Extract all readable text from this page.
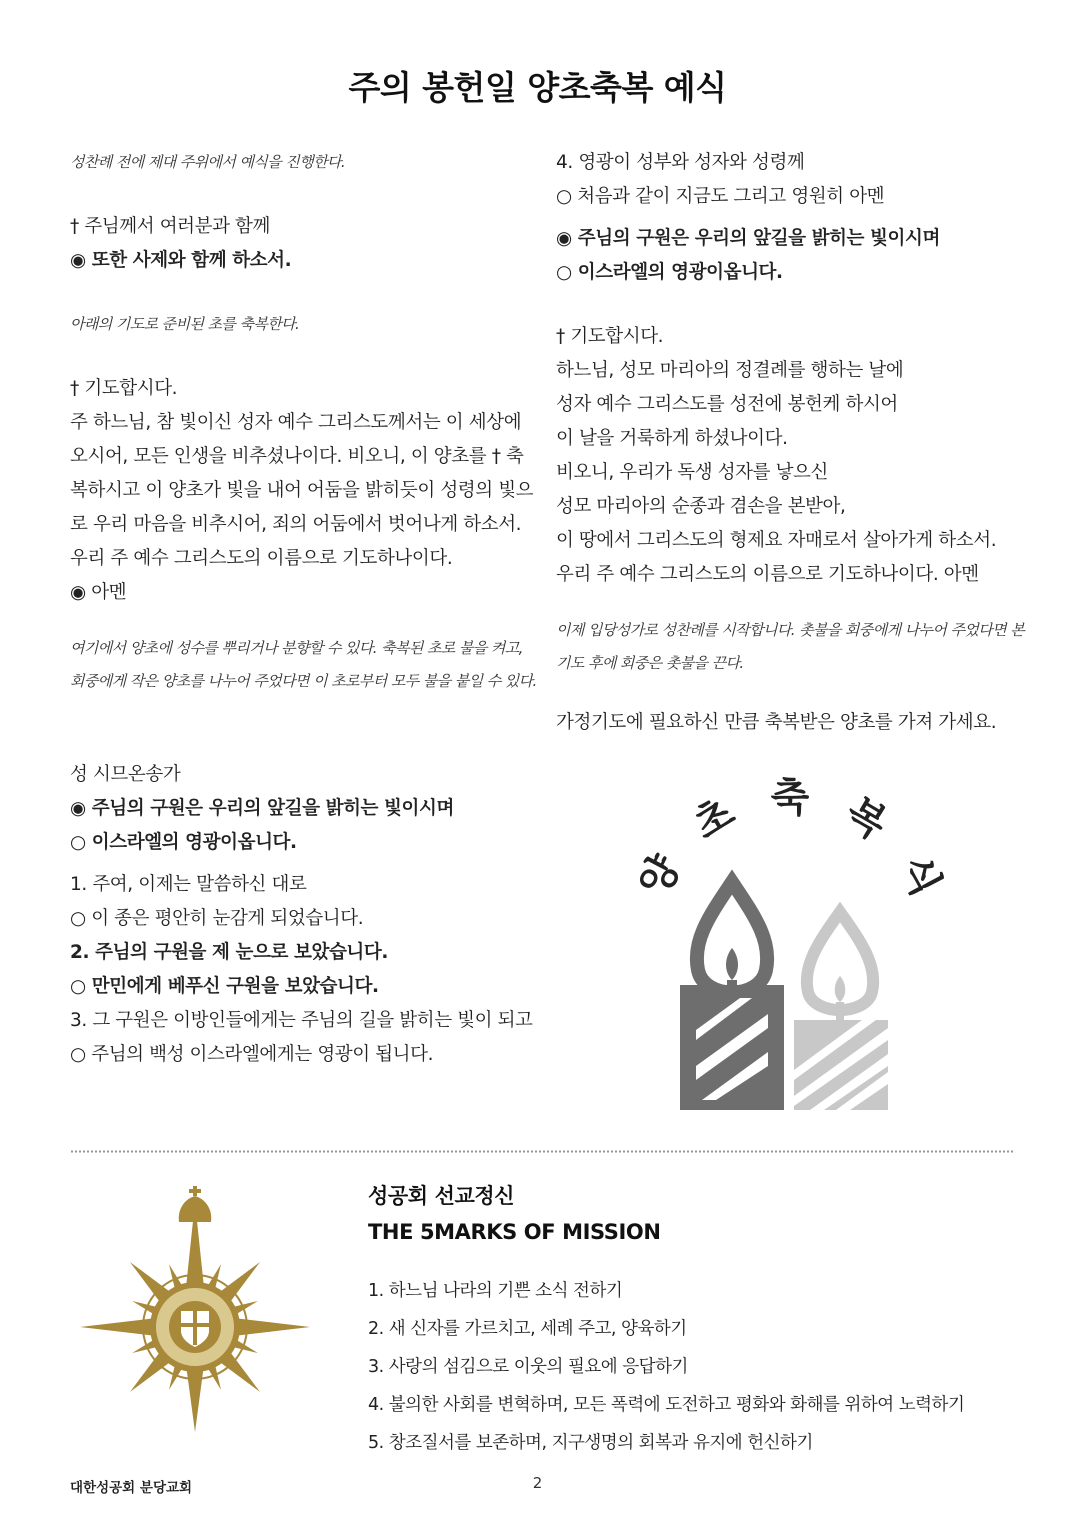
주의 봉헌일 양초축복 예식
성찬례 전에 제대 주위에서 예식을 진행한다.
† 주님께서 여러분과 함께
◉ 또한 사제와 함께 하소서.
아래의 기도로 준비된 초를 축복한다.
† 기도합시다.
주 하느님, 참 빛이신 성자 예수 그리스도께서는 이 세상에
오시어, 모든 인생을 비추셨나이다. 비오니, 이 양초를 † 축
복하시고 이 양초가 빛을 내어 어둠을 밝히듯이 성령의 빛으
로 우리 마음을 비추시어, 죄의 어둠에서 벗어나게 하소서.
우리 주 예수 그리스도의 이름으로 기도하나이다.
◉ 아멘
여기에서 양초에 성수를 뿌리거나 분향할 수 있다. 축복된 초로 불을 켜고, 회중에게 작은 양초를 나누어 주었다면 이 초로부터 모두 불을 붙일 수 있다.
성 시므온송가
◉ 주님의 구원은 우리의 앞길을 밝히는 빛이시며
○ 이스라엘의 영광이옵니다.
1. 주여, 이제는 말씀하신 대로
○ 이 종은 평안히 눈감게 되었습니다.
2. 주님의 구원을 제 눈으로 보았습니다.
○ 만민에게 베푸신 구원을 보았습니다.
3. 그 구원은 이방인들에게는 주님의 길을 밝히는 빛이 되고
○ 주님의 백성 이스라엘에게는 영광이 됩니다.
4. 영광이 성부와 성자와 성령께
○ 처음과 같이 지금도 그리고 영원히 아멘
◉ 주님의 구원은 우리의 앞길을 밝히는 빛이시며
○ 이스라엘의 영광이옵니다.
† 기도합시다.
하느님, 성모 마리아의 정결례를 행하는 날에
성자 예수 그리스도를 성전에 봉헌케 하시어
이 날을 거룩하게 하셨나이다.
비오니, 우리가 독생 성자를 낳으신
성모 마리아의 순종과 겸손을 본받아,
이 땅에서 그리스도의 형제요 자매로서 살아가게 하소서.
우리 주 예수 그리스도의 이름으로 기도하나이다. 아멘
이제 입당성가로 성찬례를 시작합니다. 촛불을 회중에게 나누어 주었다면 본기도 후에 회중은 촛불을 끈다.
가정기도에 필요하신 만큼 축복받은 양초를 가져 가세요.
양
초 축 복
식
성공회 선교정신
THE 5MARKS OF MISSION
1. 하느님 나라의 기쁜 소식 전하기
2. 새 신자를 가르치고, 세례 주고, 양육하기
3. 사랑의 섬김으로 이웃의 필요에 응답하기
4. 불의한 사회를 변혁하며, 모든 폭력에 도전하고 평화와 화해를 위하여 노력하기
5. 창조질서를 보존하며, 지구생명의 회복과 유지에 헌신하기
대한성공회 분당교회	2
